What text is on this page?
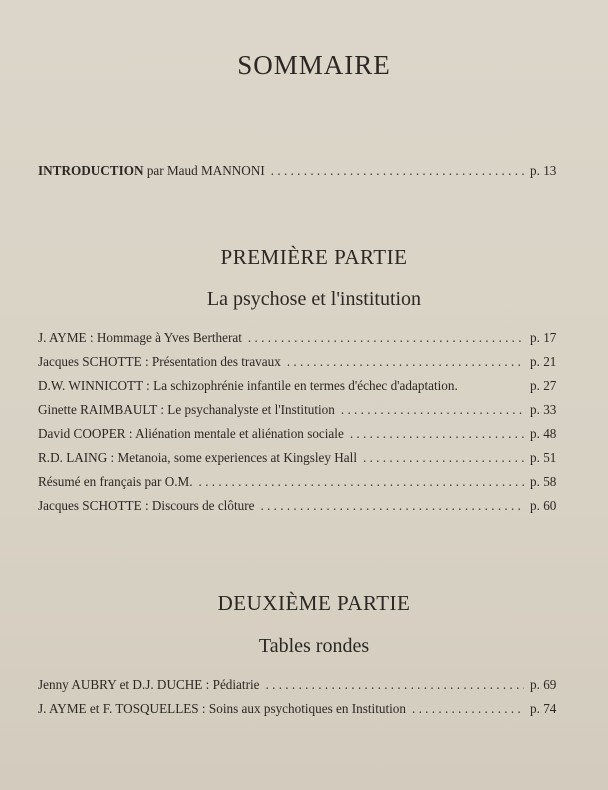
SOMMAIRE
INTRODUCTION par Maud MANNONI . . .	p. 13
PREMIÈRE PARTIE
La psychose et l'institution
J. AYME : Hommage à Yves Bertherat . . .	p. 17
Jacques SCHOTTE : Présentation des travaux . . .	p. 21
D.W. WINNICOTT : La schizophrénie infantile en termes d'échec d'adaptation.	p. 27
Ginette RAIMBAULT : Le psychanalyste et l'Institution . . .	p. 33
David COOPER : Aliénation mentale et aliénation sociale . . .	p. 48
R.D. LAING : Metanoia, some experiences at Kingsley Hall . . .	p. 51
Résumé en français par O.M. . . .	p. 58
Jacques SCHOTTE : Discours de clôture . . .	p. 60
DEUXIÈME PARTIE
Tables rondes
Jenny AUBRY et D.J. DUCHE : Pédiatrie . . .	p. 69
J. AYME et F. TOSQUELLES : Soins aux psychotiques en Institution . . .	p. 74
